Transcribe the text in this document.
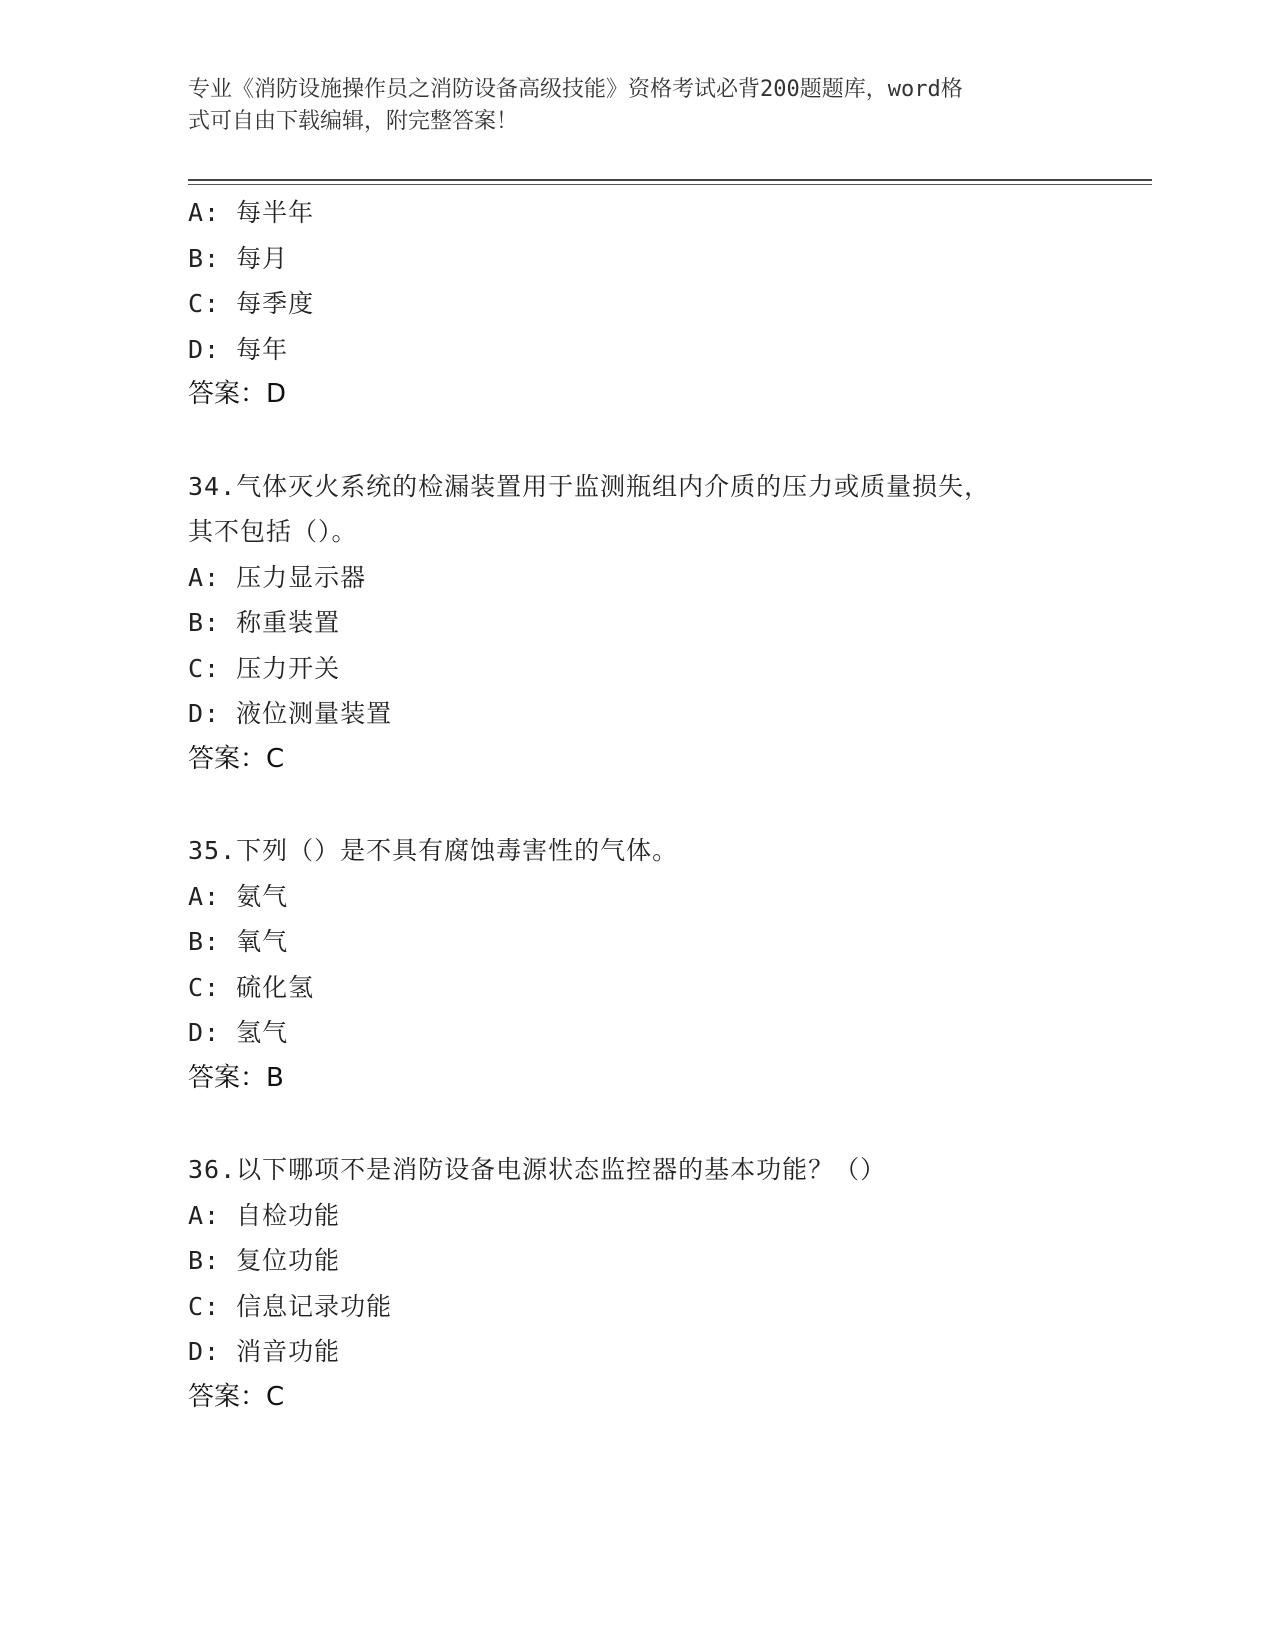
专业《消防设施操作员之消防设备高级技能》资格考试必背200题题库，word格
式可自由下载编辑，附完整答案！
A: 每半年
B: 每月
C: 每季度
D: 每年
答案：D
34.气体灭火系统的检漏装置用于监测瓶组内介质的压力或质量损失，
其不包括（）。
A: 压力显示器
B: 称重装置
C: 压力开关
D: 液位测量装置
答案：C
35.下列（）是不具有腐蚀毒害性的气体。
A: 氨气
B: 氧气
C: 硫化氢
D: 氢气
答案：B
36.以下哪项不是消防设备电源状态监控器的基本功能？（）
A: 自检功能
B: 复位功能
C: 信息记录功能
D: 消音功能
答案：C
